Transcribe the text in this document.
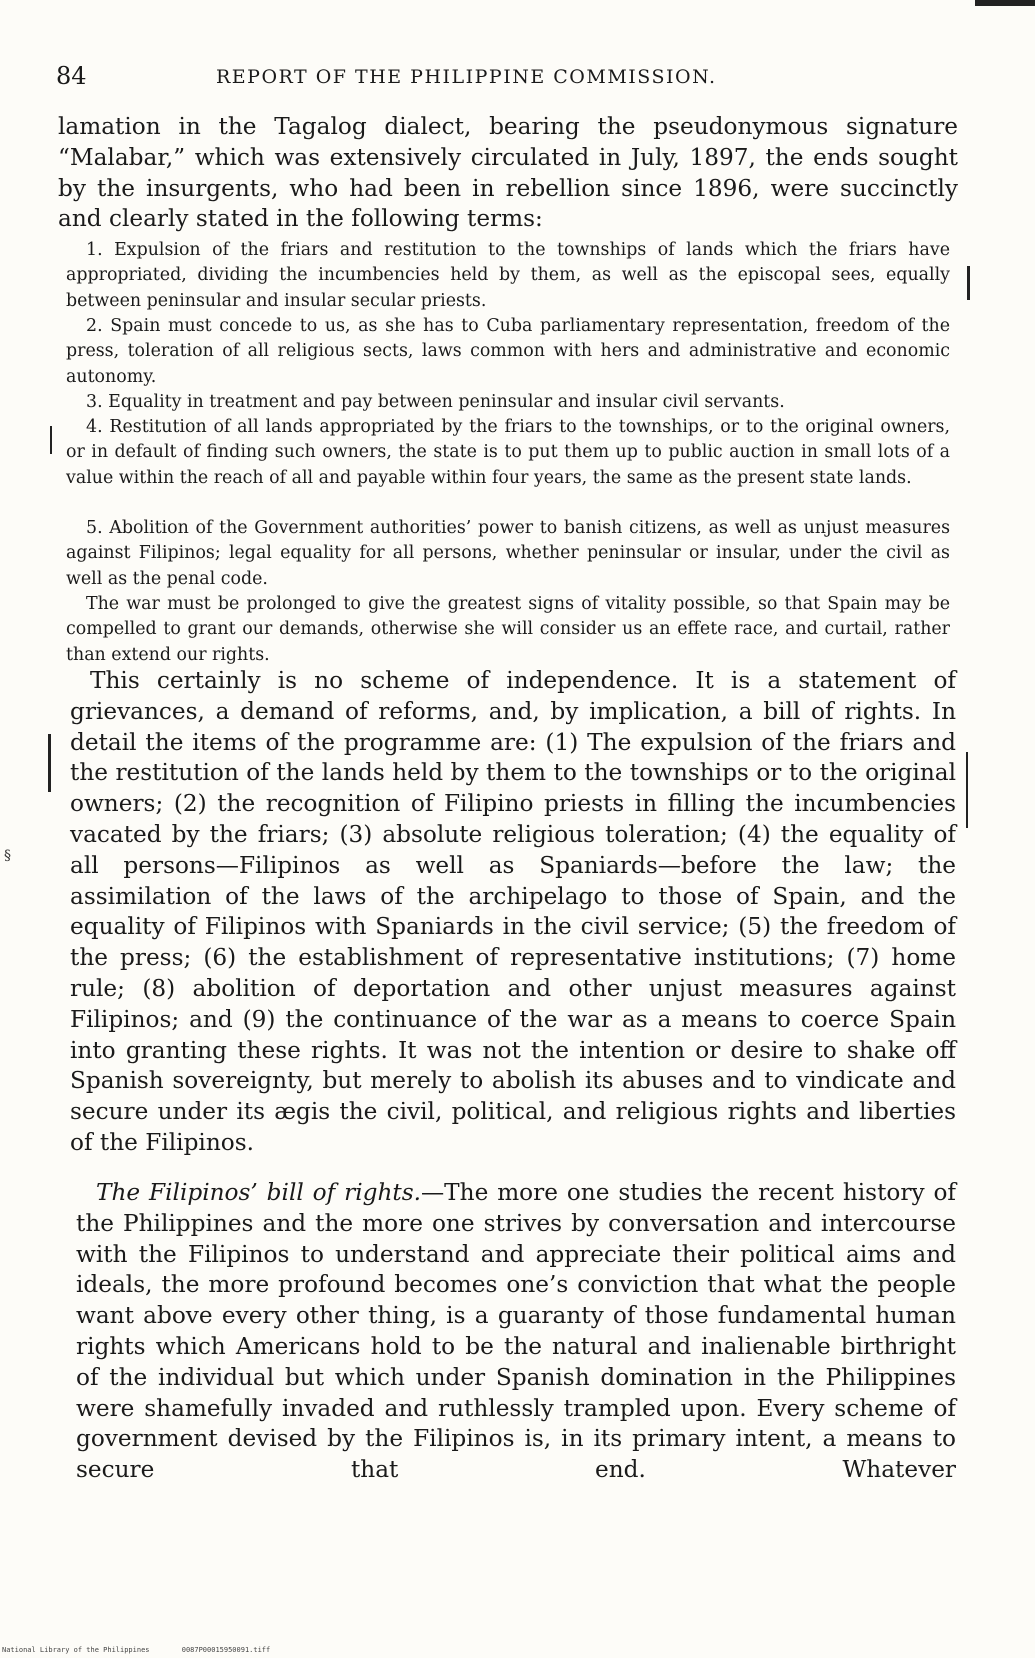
84	REPORT OF THE PHILIPPINE COMMISSION.
lamation in the Tagalog dialect, bearing the pseudonymous signature “Malabar,” which was extensively circulated in July, 1897, the ends sought by the insurgents, who had been in rebellion since 1896, were succinctly and clearly stated in the following terms:
1. Expulsion of the friars and restitution to the townships of lands which the friars have appropriated, dividing the incumbencies held by them, as well as the episcopal sees, equally between peninsular and insular secular priests.
2. Spain must concede to us, as she has to Cuba parliamentary representation, freedom of the press, toleration of all religious sects, laws common with hers and administrative and economic autonomy.
3. Equality in treatment and pay between peninsular and insular civil servants.
4. Restitution of all lands appropriated by the friars to the townships, or to the original owners, or in default of finding such owners, the state is to put them up to public auction in small lots of a value within the reach of all and payable within four years, the same as the present state lands.
5. Abolition of the Government authorities’ power to banish citizens, as well as unjust measures against Filipinos; legal equality for all persons, whether peninsular or insular, under the civil as well as the penal code.
The war must be prolonged to give the greatest signs of vitality possible, so that Spain may be compelled to grant our demands, otherwise she will consider us an effete race, and curtail, rather than extend our rights.
This certainly is no scheme of independence. It is a statement of grievances, a demand of reforms, and, by implication, a bill of rights. In detail the items of the programme are: (1) The expulsion of the friars and the restitution of the lands held by them to the townships or to the original owners; (2) the recognition of Filipino priests in filling the incumbencies vacated by the friars; (3) absolute religious toleration; (4) the equality of all persons—Filipinos as well as Spaniards—before the law; the assimilation of the laws of the archipelago to those of Spain, and the equality of Filipinos with Spaniards in the civil service; (5) the freedom of the press; (6) the establishment of representative institutions; (7) home rule; (8) abolition of deportation and other unjust measures against Filipinos; and (9) the continuance of the war as a means to coerce Spain into granting these rights. It was not the intention or desire to shake off Spanish sovereignty, but merely to abolish its abuses and to vindicate and secure under its ægis the civil, political, and religious rights and liberties of the Filipinos.
The Filipinos’ bill of rights.—The more one studies the recent history of the Philippines and the more one strives by conversation and intercourse with the Filipinos to understand and appreciate their political aims and ideals, the more profound becomes one’s conviction that what the people want above every other thing, is a guaranty of those fundamental human rights which Americans hold to be the natural and inalienable birthright of the individual but which under Spanish domination in the Philippines were shamefully invaded and ruthlessly trampled upon. Every scheme of government devised by the Filipinos is, in its primary intent, a means to secure that end. Whatever
§
National Library of the Philippines	0087P00015950091.tiff
